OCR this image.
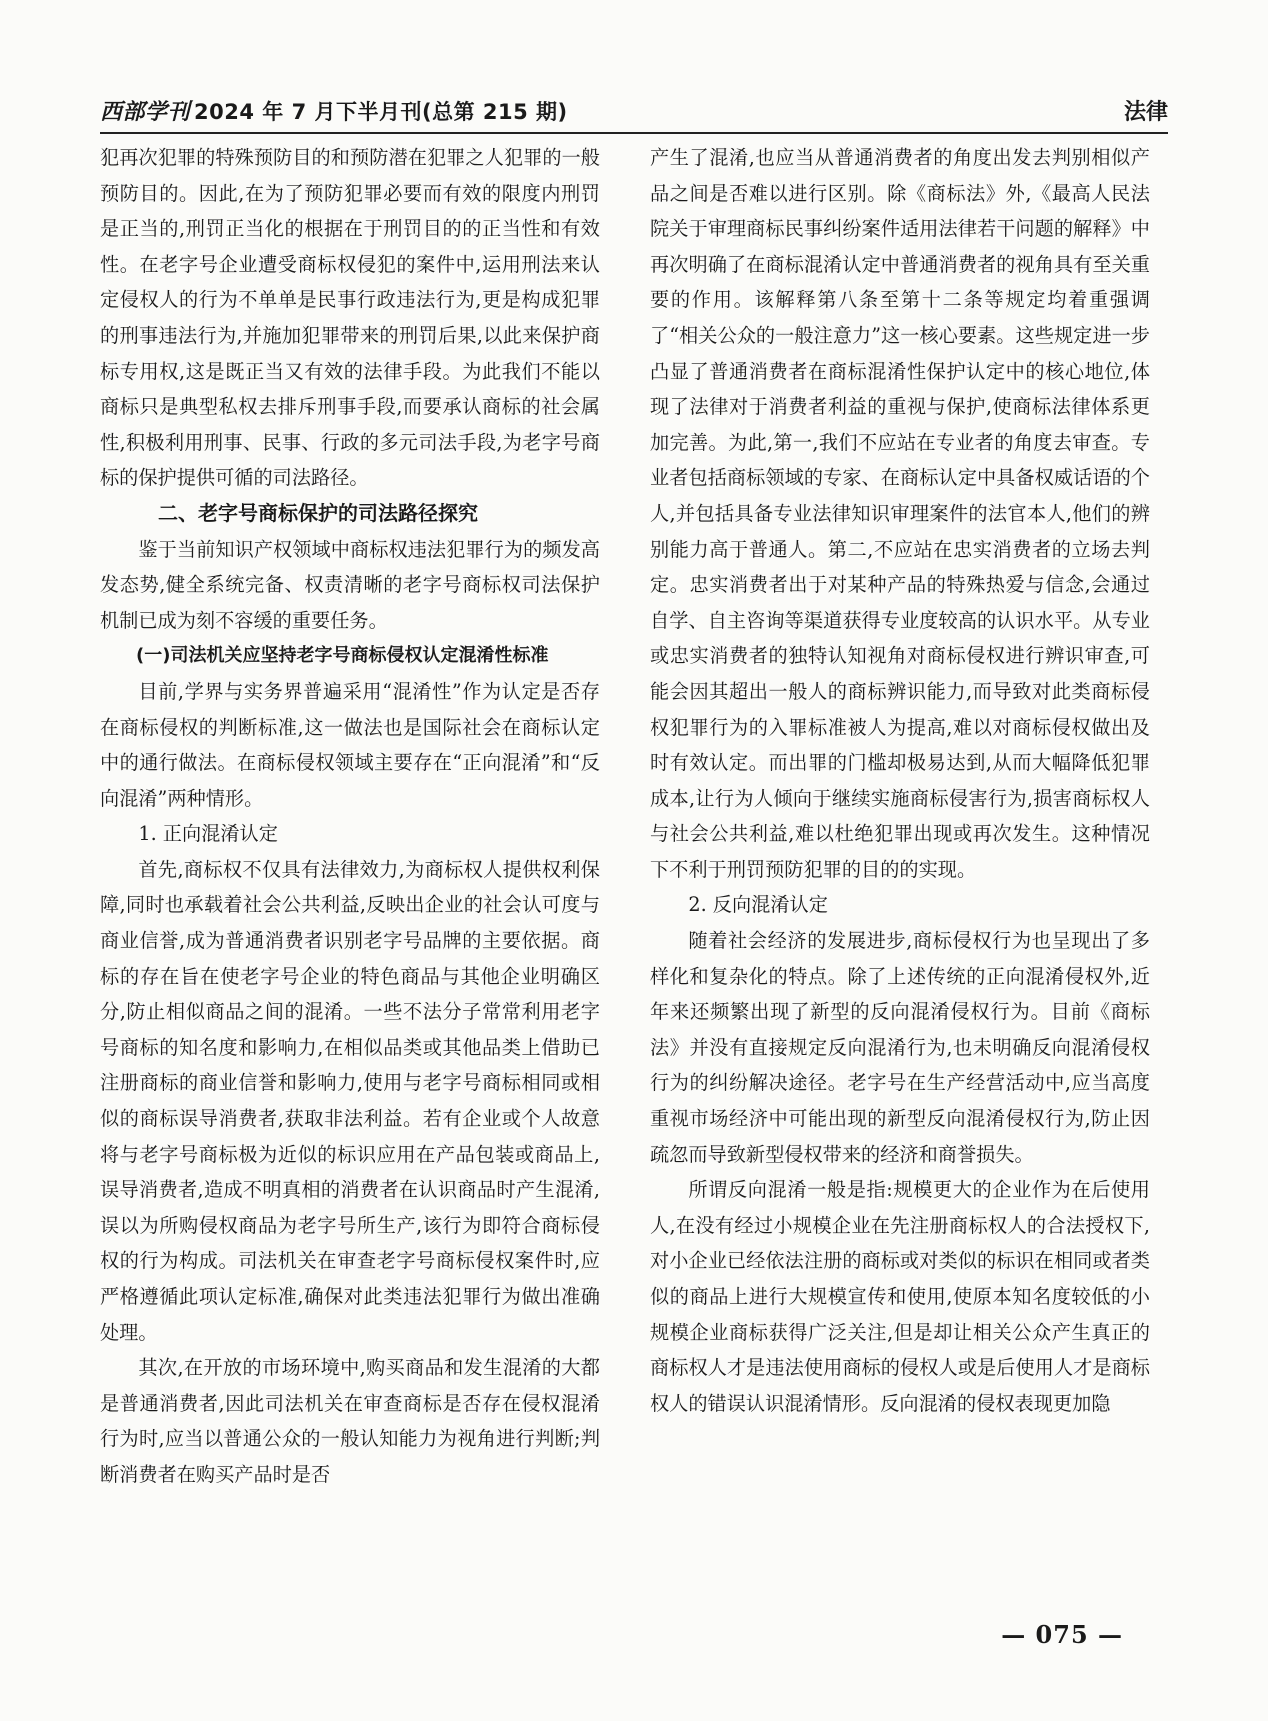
西部学刊 2024 年 7 月下半月刊(总第 215 期)	法律

犯再次犯罪的特殊预防目的和预防潜在犯罪之人犯罪的一般预防目的。因此,在为了预防犯罪必要而有效的限度内刑罚是正当的,刑罚正当化的根据在于刑罚目的的正当性和有效性。在老字号企业遭受商标权侵犯的案件中,运用刑法来认定侵权人的行为不单单是民事行政违法行为,更是构成犯罪的刑事违法行为,并施加犯罪带来的刑罚后果,以此来保护商标专用权,这是既正当又有效的法律手段。为此我们不能以商标只是典型私权去排斥刑事手段,而要承认商标的社会属性,积极利用刑事、民事、行政的多元司法手段,为老字号商标的保护提供可循的司法路径。

二、老字号商标保护的司法路径探究

鉴于当前知识产权领域中商标权违法犯罪行为的频发高发态势,健全系统完备、权责清晰的老字号商标权司法保护机制已成为刻不容缓的重要任务。

(一)司法机关应坚持老字号商标侵权认定混淆性标准

目前,学界与实务界普遍采用“混淆性”作为认定是否存在商标侵权的判断标准,这一做法也是国际社会在商标认定中的通行做法。在商标侵权领域主要存在“正向混淆”和“反向混淆”两种情形。

1. 正向混淆认定

首先,商标权不仅具有法律效力,为商标权人提供权利保障,同时也承载着社会公共利益,反映出企业的社会认可度与商业信誉,成为普通消费者识别老字号品牌的主要依据。商标的存在旨在使老字号企业的特色商品与其他企业明确区分,防止相似商品之间的混淆。一些不法分子常常利用老字号商标的知名度和影响力,在相似品类或其他品类上借助已注册商标的商业信誉和影响力,使用与老字号商标相同或相似的商标误导消费者,获取非法利益。若有企业或个人故意将与老字号商标极为近似的标识应用在产品包装或商品上,误导消费者,造成不明真相的消费者在认识商品时产生混淆,误以为所购侵权商品为老字号所生产,该行为即符合商标侵权的行为构成。司法机关在审查老字号商标侵权案件时,应严格遵循此项认定标准,确保对此类违法犯罪行为做出准确处理。

其次,在开放的市场环境中,购买商品和发生混淆的大都是普通消费者,因此司法机关在审查商标是否存在侵权混淆行为时,应当以普通公众的一般认知能力为视角进行判断;判断消费者在购买产品时是否

产生了混淆,也应当从普通消费者的角度出发去判别相似产品之间是否难以进行区别。除《商标法》外,《最高人民法院关于审理商标民事纠纷案件适用法律若干问题的解释》中再次明确了在商标混淆认定中普通消费者的视角具有至关重要的作用。该解释第八条至第十二条等规定均着重强调了“相关公众的一般注意力”这一核心要素。这些规定进一步凸显了普通消费者在商标混淆性保护认定中的核心地位,体现了法律对于消费者利益的重视与保护,使商标法律体系更加完善。为此,第一,我们不应站在专业者的角度去审查。专业者包括商标领域的专家、在商标认定中具备权威话语的个人,并包括具备专业法律知识审理案件的法官本人,他们的辨别能力高于普通人。第二,不应站在忠实消费者的立场去判定。忠实消费者出于对某种产品的特殊热爱与信念,会通过自学、自主咨询等渠道获得专业度较高的认识水平。从专业或忠实消费者的独特认知视角对商标侵权进行辨识审查,可能会因其超出一般人的商标辨识能力,而导致对此类商标侵权犯罪行为的入罪标准被人为提高,难以对商标侵权做出及时有效认定。而出罪的门槛却极易达到,从而大幅降低犯罪成本,让行为人倾向于继续实施商标侵害行为,损害商标权人与社会公共利益,难以杜绝犯罪出现或再次发生。这种情况下不利于刑罚预防犯罪的目的的实现。

2. 反向混淆认定

随着社会经济的发展进步,商标侵权行为也呈现出了多样化和复杂化的特点。除了上述传统的正向混淆侵权外,近年来还频繁出现了新型的反向混淆侵权行为。目前《商标法》并没有直接规定反向混淆行为,也未明确反向混淆侵权行为的纠纷解决途径。老字号在生产经营活动中,应当高度重视市场经济中可能出现的新型反向混淆侵权行为,防止因疏忽而导致新型侵权带来的经济和商誉损失。

所谓反向混淆一般是指:规模更大的企业作为在后使用人,在没有经过小规模企业在先注册商标权人的合法授权下,对小企业已经依法注册的商标或对类似的标识在相同或者类似的商品上进行大规模宣传和使用,使原本知名度较低的小规模企业商标获得广泛关注,但是却让相关公众产生真正的商标权人才是违法使用商标的侵权人或是后使用人才是商标权人的错误认识混淆情形。反向混淆的侵权表现更加隐

— 075 —
